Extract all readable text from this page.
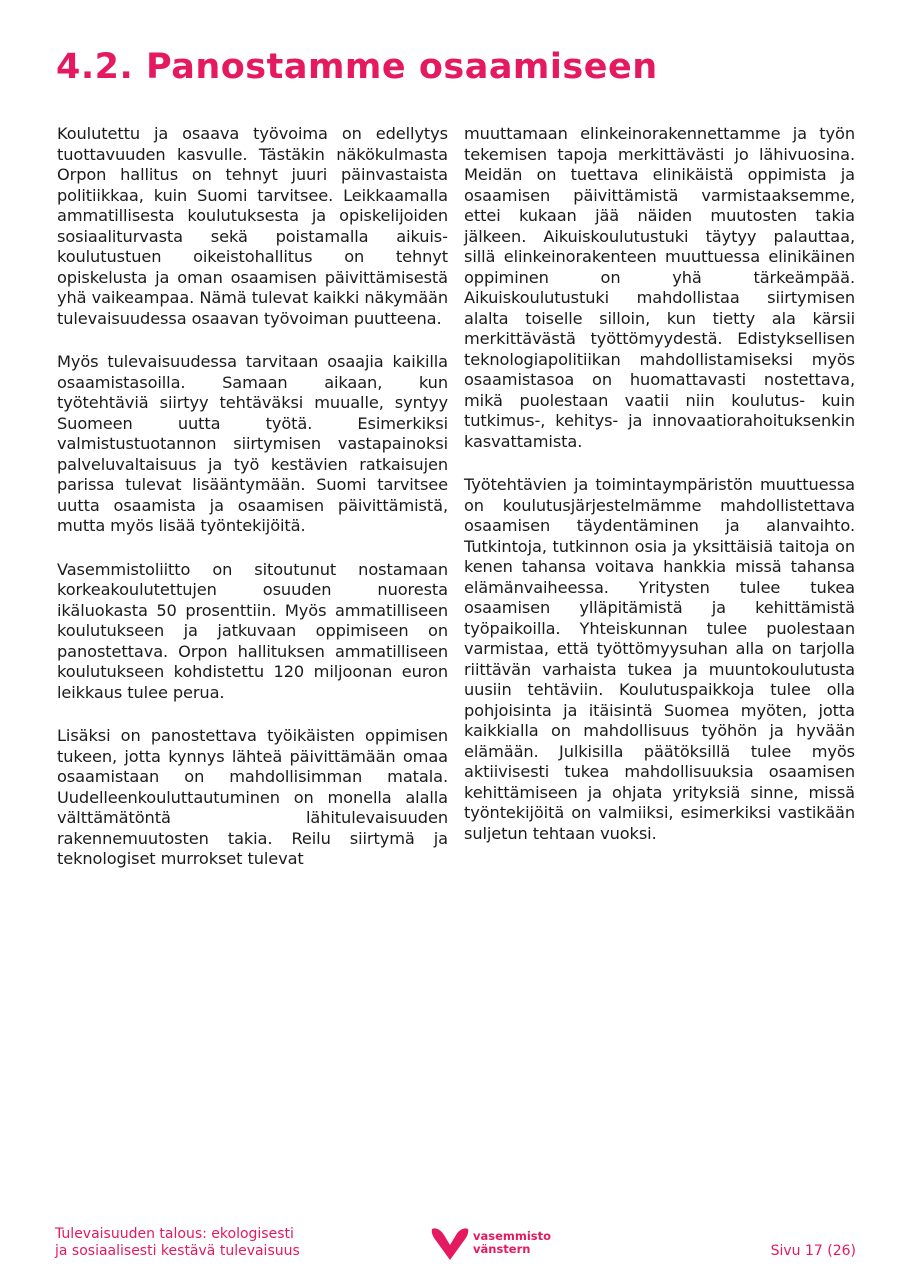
4.2. Panostamme osaamiseen

Koulutettu ja osaava työvoima on edellytys tuottavuuden kasvulle. Tästäkin näkökulmasta Orpon hallitus on tehnyt juuri päinvastaista politiikkaa, kuin Suomi tarvitsee. Leikkaamalla ammatillisesta koulutuksesta ja opiskelijoiden sosiaaliturvasta sekä poistamalla aikuiskoulutustuen oikeistohallitus on tehnyt opiskelusta ja oman osaamisen päivittämisestä yhä vaikeampaa. Nämä tulevat kaikki näkymään tulevaisuudessa osaavan työvoiman puutteena.

Myös tulevaisuudessa tarvitaan osaajia kaikilla osaamistasoilla. Samaan aikaan, kun työtehtäviä siirtyy tehtäväksi muualle, syntyy Suomeen uutta työtä. Esimerkiksi valmistustuotannon siirtymisen vastapainoksi palveluvaltaisuus ja työ kestävien ratkaisujen parissa tulevat lisääntymään. Suomi tarvitsee uutta osaamista ja osaamisen päivittämistä, mutta myös lisää työntekijöitä.

Vasemmistoliitto on sitoutunut nostamaan korkeakoulutettujen osuuden nuoresta ikäluokasta 50 prosenttiin. Myös ammatilliseen koulutukseen ja jatkuvaan oppimiseen on panostettava. Orpon hallituksen ammatilliseen koulutukseen kohdistettu 120 miljoonan euron leikkaus tulee perua.

Lisäksi on panostettava työikäisten oppimisen tukeen, jotta kynnys lähteä päivittämään omaa osaamistaan on mahdollisimman matala. Uudelleenkouluttautuminen on monella alalla välttämätöntä lähitulevaisuuden rakennemuutosten takia. Reilu siirtymä ja teknologiset murrokset tulevat

muuttamaan elinkeinorakennettamme ja työn tekemisen tapoja merkittävästi jo lähivuosina. Meidän on tuettava elinikäistä oppimista ja osaamisen päivittämistä varmistaaksemme, ettei kukaan jää näiden muutosten takia jälkeen. Aikuiskoulutustuki täytyy palauttaa, sillä elinkeinorakenteen muuttuessa elinikäinen oppiminen on yhä tärkeämpää. Aikuiskoulutustuki mahdollistaa siirtymisen alalta toiselle silloin, kun tietty ala kärsii merkittävästä työttömyydestä. Edistyksellisen teknologiapolitiikan mahdollistamiseksi myös osaamistasoa on huomattavasti nostettava, mikä puolestaan vaatii niin koulutus- kuin tutkimus-, kehitys- ja innovaatiorahoituksenkin kasvattamista.

Työtehtävien ja toimintaympäristön muuttuessa on koulutusjärjestelmämme mahdollistettava osaamisen täydentäminen ja alanvaihto. Tutkintoja, tutkinnon osia ja yksittäisiä taitoja on kenen tahansa voitava hankkia missä tahansa elämänvaiheessa. Yritysten tulee tukea osaamisen ylläpitämistä ja kehittämistä työpaikoilla. Yhteiskunnan tulee puolestaan varmistaa, että työttömyysuhan alla on tarjolla riittävän varhaista tukea ja muuntokoulutusta uusiin tehtäviin. Koulutuspaikkoja tulee olla pohjoisinta ja itäisintä Suomea myöten, jotta kaikkialla on mahdollisuus työhön ja hyvään elämään. Julkisilla päätöksillä tulee myös aktiivisesti tukea mahdollisuuksia osaamisen kehittämiseen ja ohjata yrityksiä sinne, missä työntekijöitä on valmiiksi, esimerkiksi vastikään suljetun tehtaan vuoksi.

Tulevaisuuden talous: ekologisesti
ja sosiaalisesti kestävä tulevaisuus
vasemmisto
vänstern	Sivu 17 (26)
